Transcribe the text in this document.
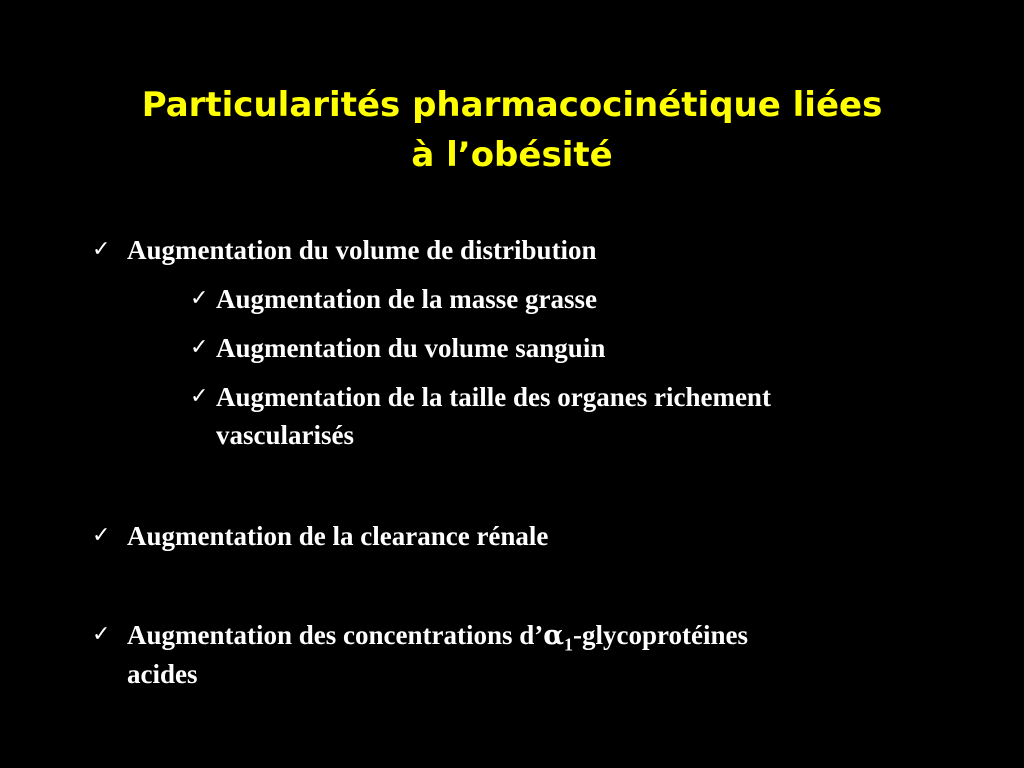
Particularités pharmacocinétique liées
à l’obésité
✓ Augmentation du volume de distribution
✓ Augmentation de la masse grasse
✓ Augmentation du volume sanguin
✓ Augmentation de la taille des organes richement
vascularisés
✓ Augmentation de la clearance rénale
✓ Augmentation des concentrations $d’\alpha_1$-glycoprotéines
acides
